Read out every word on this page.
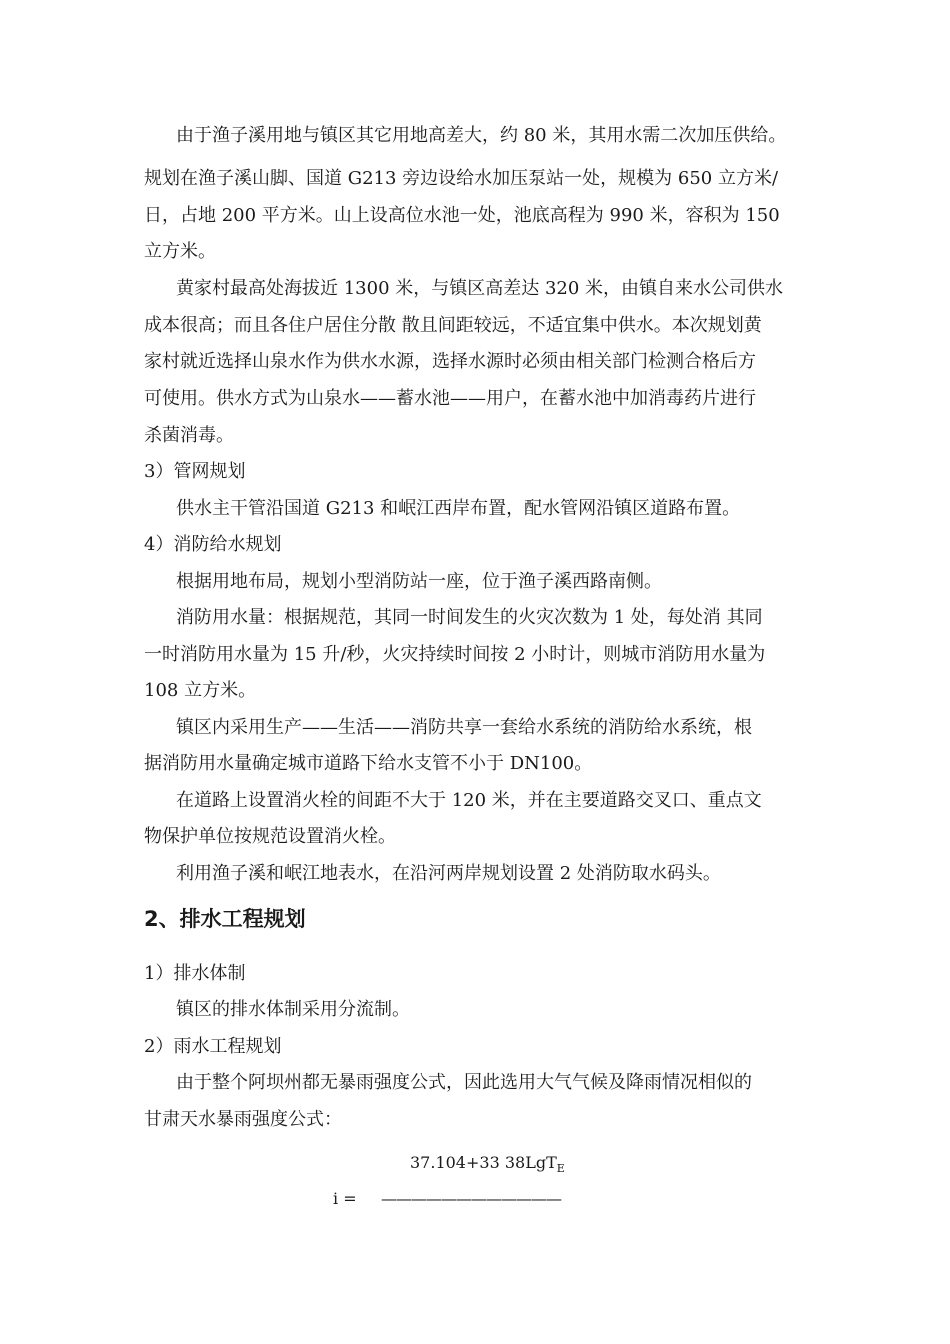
由于渔子溪用地与镇区其它用地高差大，约 80 米，其用水需二次加压供给。
规划在渔子溪山脚、国道 G213 旁边设给水加压泵站一处，规模为 650 立方米/
日，占地 200 平方米。山上设高位水池一处，池底高程为 990 米，容积为 150
立方米。
黄家村最高处海拔近 1300 米，与镇区高差达 320 米，由镇自来水公司供水
成本很高；而且各住户居住分散 散且间距较远，不适宜集中供水。本次规划黄
家村就近选择山泉水作为供水水源，选择水源时必须由相关部门检测合格后方
可使用。供水方式为山泉水——蓄水池——用户，在蓄水池中加消毒药片进行
杀菌消毒。
3）管网规划
供水主干管沿国道 G213 和岷江西岸布置，配水管网沿镇区道路布置。
4）消防给水规划
根据用地布局，规划小型消防站一座，位于渔子溪西路南侧。
消防用水量：根据规范，其同一时间发生的火灾次数为 1 处，每处消 其同
一时消防用水量为 15 升/秒，火灾持续时间按 2 小时计，则城市消防用水量为
108 立方米。
镇区内采用生产——生活——消防共享一套给水系统的消防给水系统，根
据消防用水量确定城市道路下给水支管不小于 DN100。
在道路上设置消火栓的间距不大于 120 米，并在主要道路交叉口、重点文
物保护单位按规范设置消火栓。
利用渔子溪和岷江地表水，在沿河两岸规划设置 2 处消防取水码头。
1）排水体制
镇区的排水体制采用分流制。
2）雨水工程规划
由于整个阿坝州都无暴雨强度公式，因此选用大气气候及降雨情况相似的
甘肃天水暴雨强度公式：
2、排水工程规划
37.104+33 38LgT$_E$
i = ————————————
